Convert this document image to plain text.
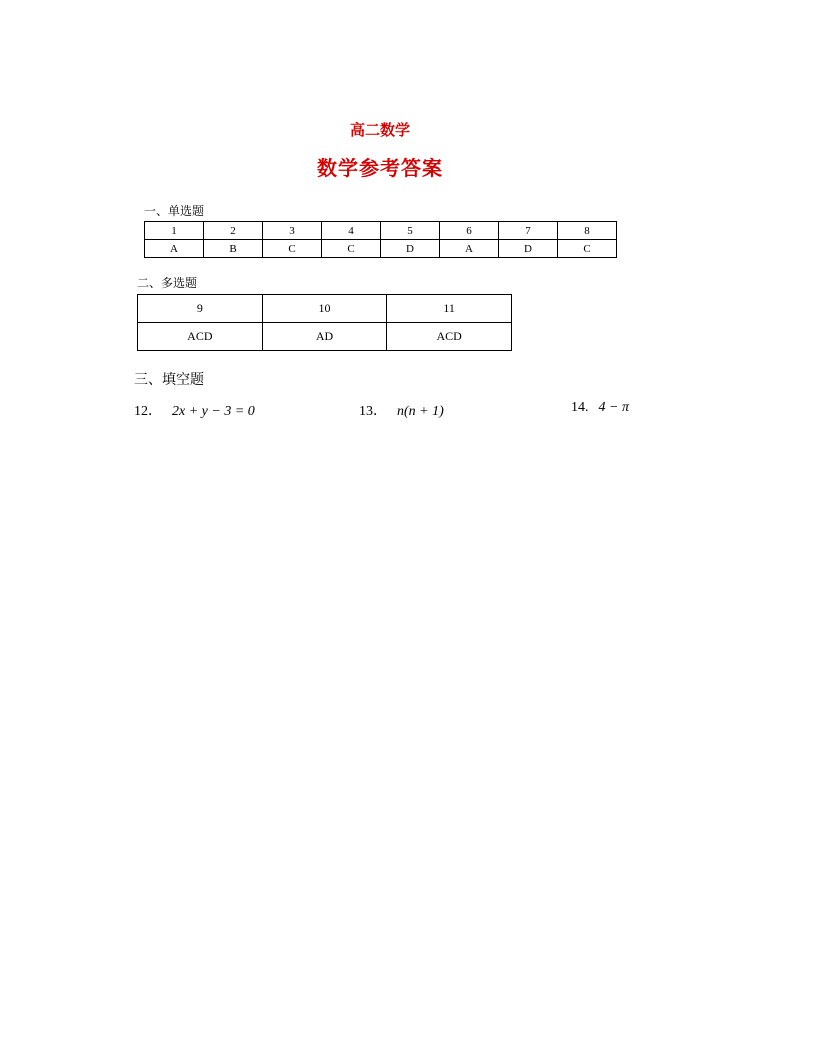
高二数学
数学参考答案
一、单选题
1	2	3	4	5	6	7	8
A	B	C	C	D	A	D	C
二、多选题
9	10	11
ACD	AD	ACD
三、填空题
12． 2x + y − 3 = 0	13． n(n + 1)	14. 4 − π
